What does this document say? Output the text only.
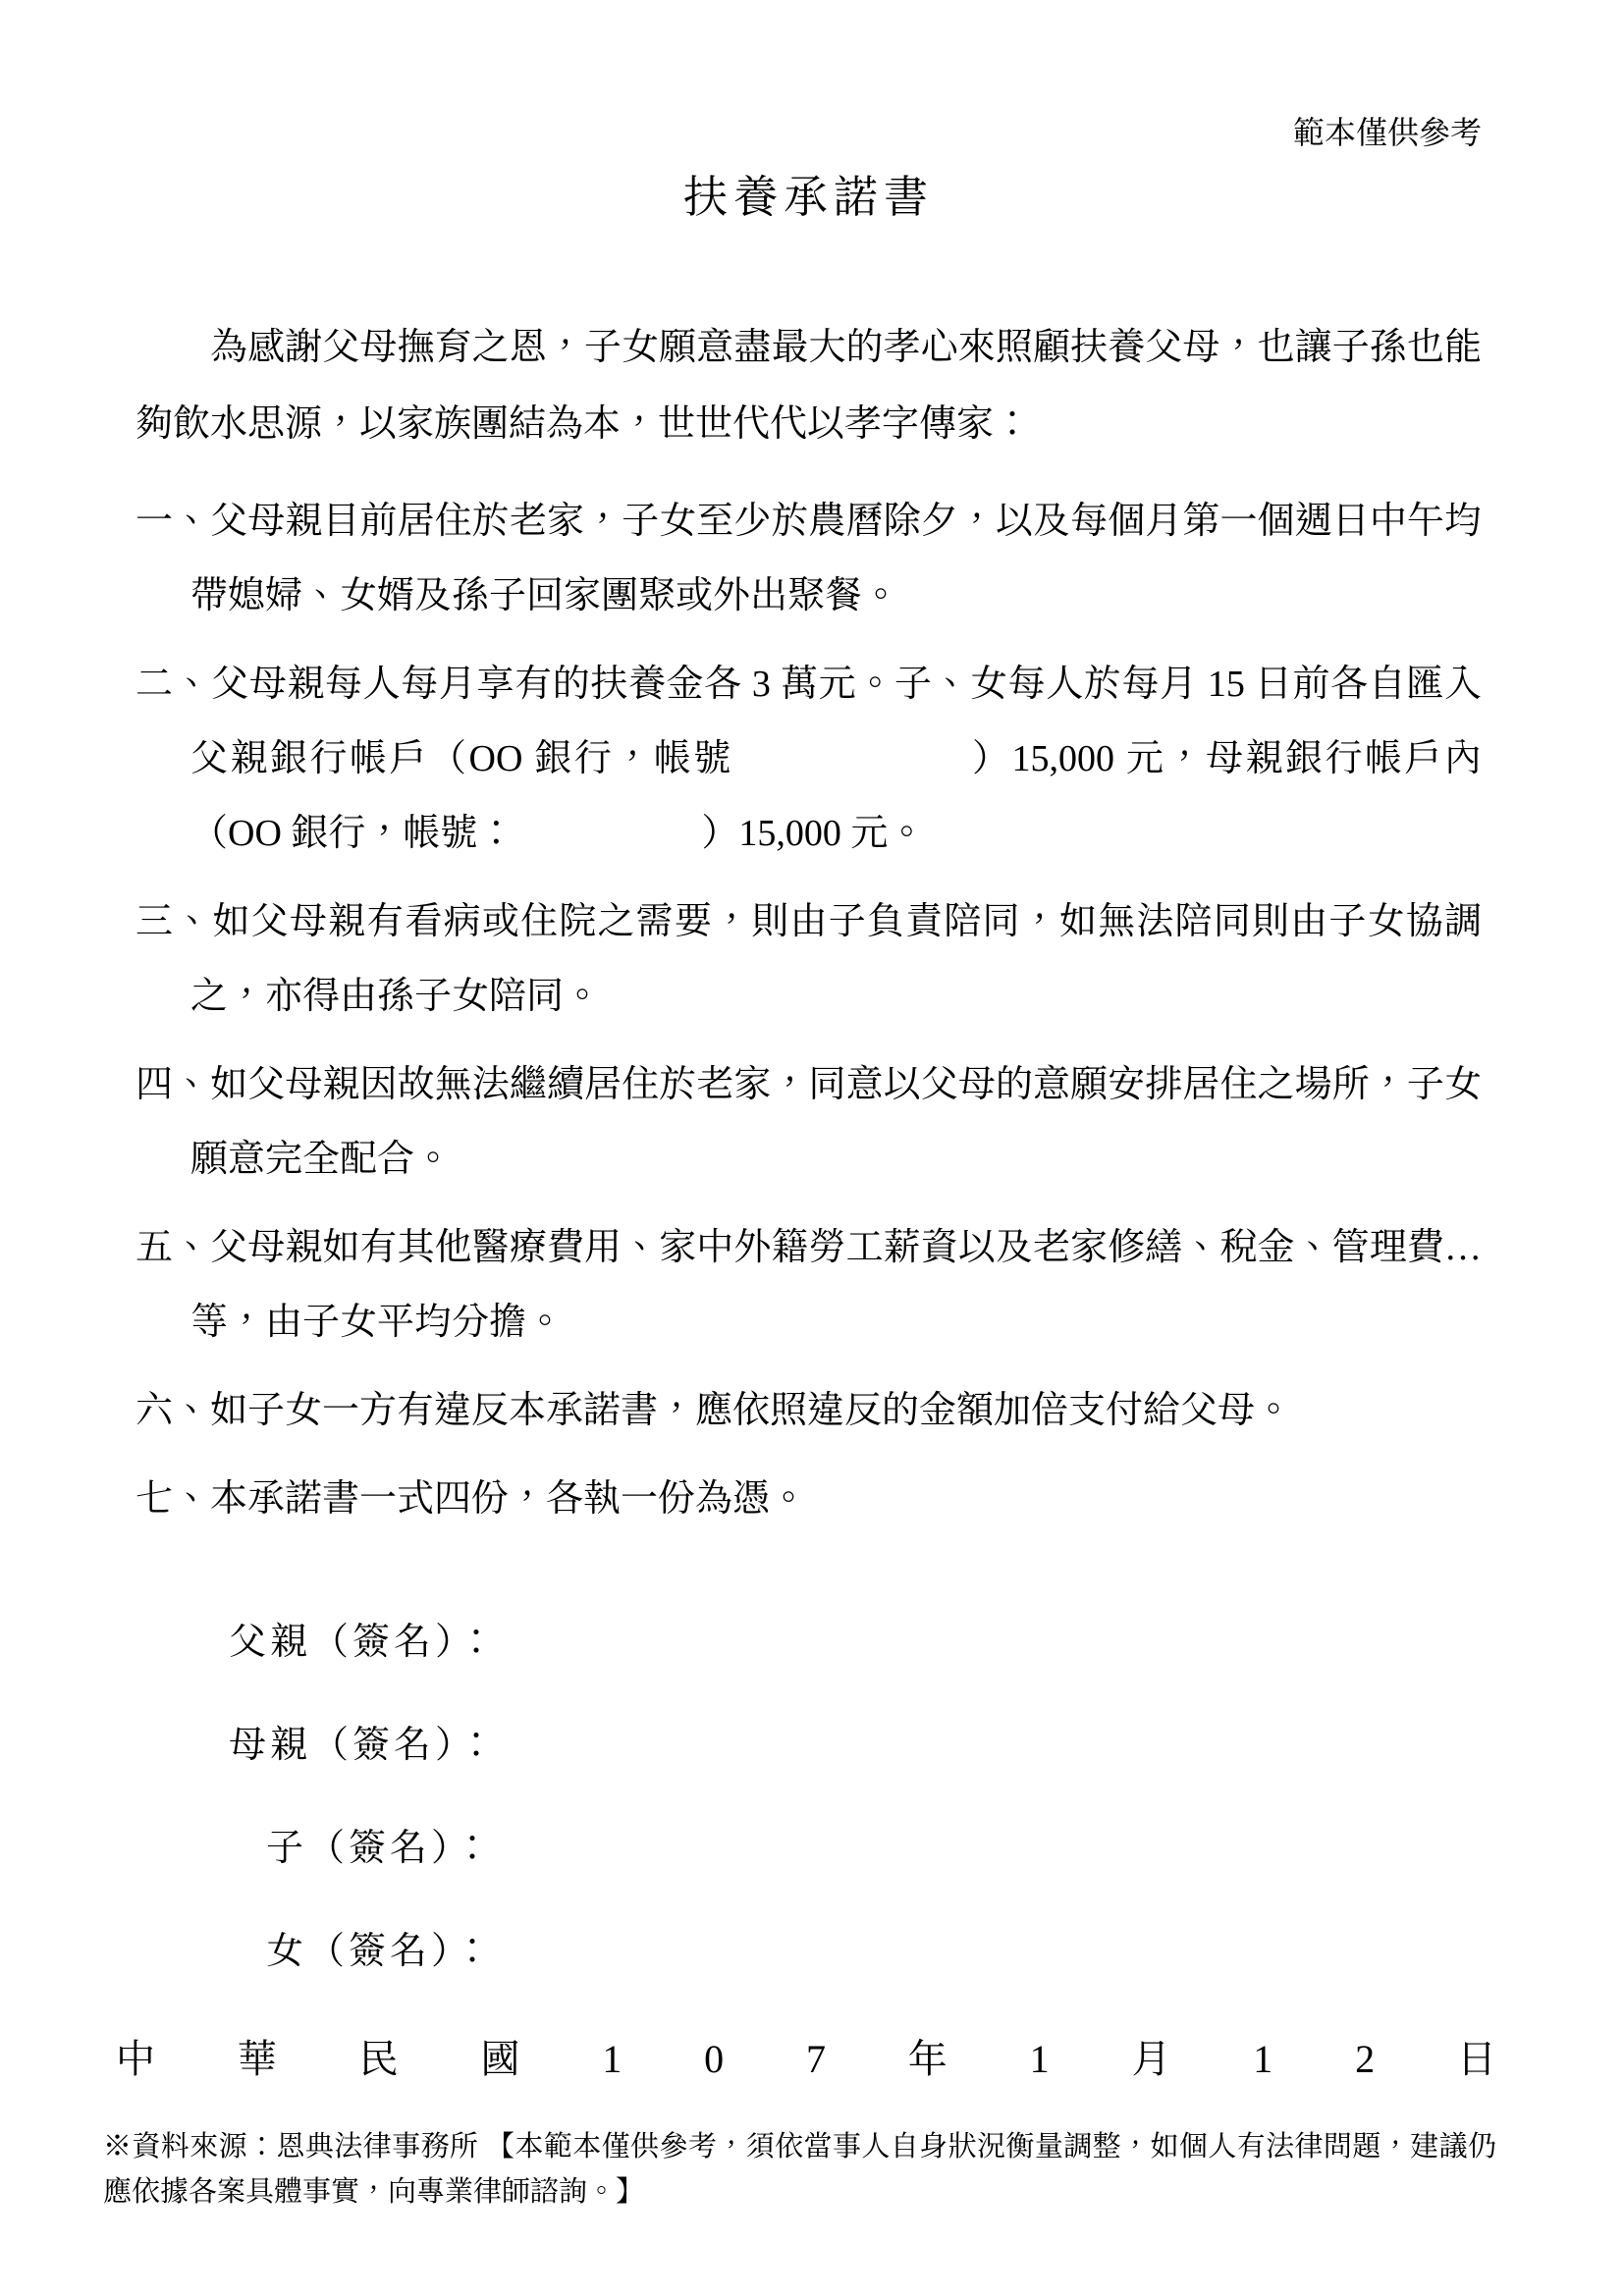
範本僅供參考
扶養承諾書

為感謝父母撫育之恩，子女願意盡最大的孝心來照顧扶養父母，也讓子孫也能夠飲水思源，以家族團結為本，世世代代以孝字傳家：

一、父母親目前居住於老家，子女至少於農曆除夕，以及每個月第一個週日中午均帶媳婦、女婿及孫子回家團聚或外出聚餐。

二、父母親每人每月享有的扶養金各 3 萬元。子、女每人於每月 15 日前各自匯入父親銀行帳戶（OO 銀行，帳號　　　　　　）15,000 元，母親銀行帳戶內（OO 銀行，帳號：　　　　　）15,000 元。

三、如父母親有看病或住院之需要，則由子負責陪同，如無法陪同則由子女協調之，亦得由孫子女陪同。

四、如父母親因故無法繼續居住於老家，同意以父母的意願安排居住之場所，子女願意完全配合。

五、父母親如有其他醫療費用、家中外籍勞工薪資以及老家修繕、稅金、管理費…等，由子女平均分擔。

六、如子女一方有違反本承諾書，應依照違反的金額加倍支付給父母。

七、本承諾書一式四份，各執一份為憑。

父親（簽名）：
母親（簽名）：
子（簽名）：
女（簽名）：
中 華 民 國 1 0 7 年 1 月 1 2 日
※資料來源：恩典法律事務所 【本範本僅供參考，須依當事人自身狀況衡量調整，如個人有法律問題，建議仍應依據各案具體事實，向專業律師諮詢。】
